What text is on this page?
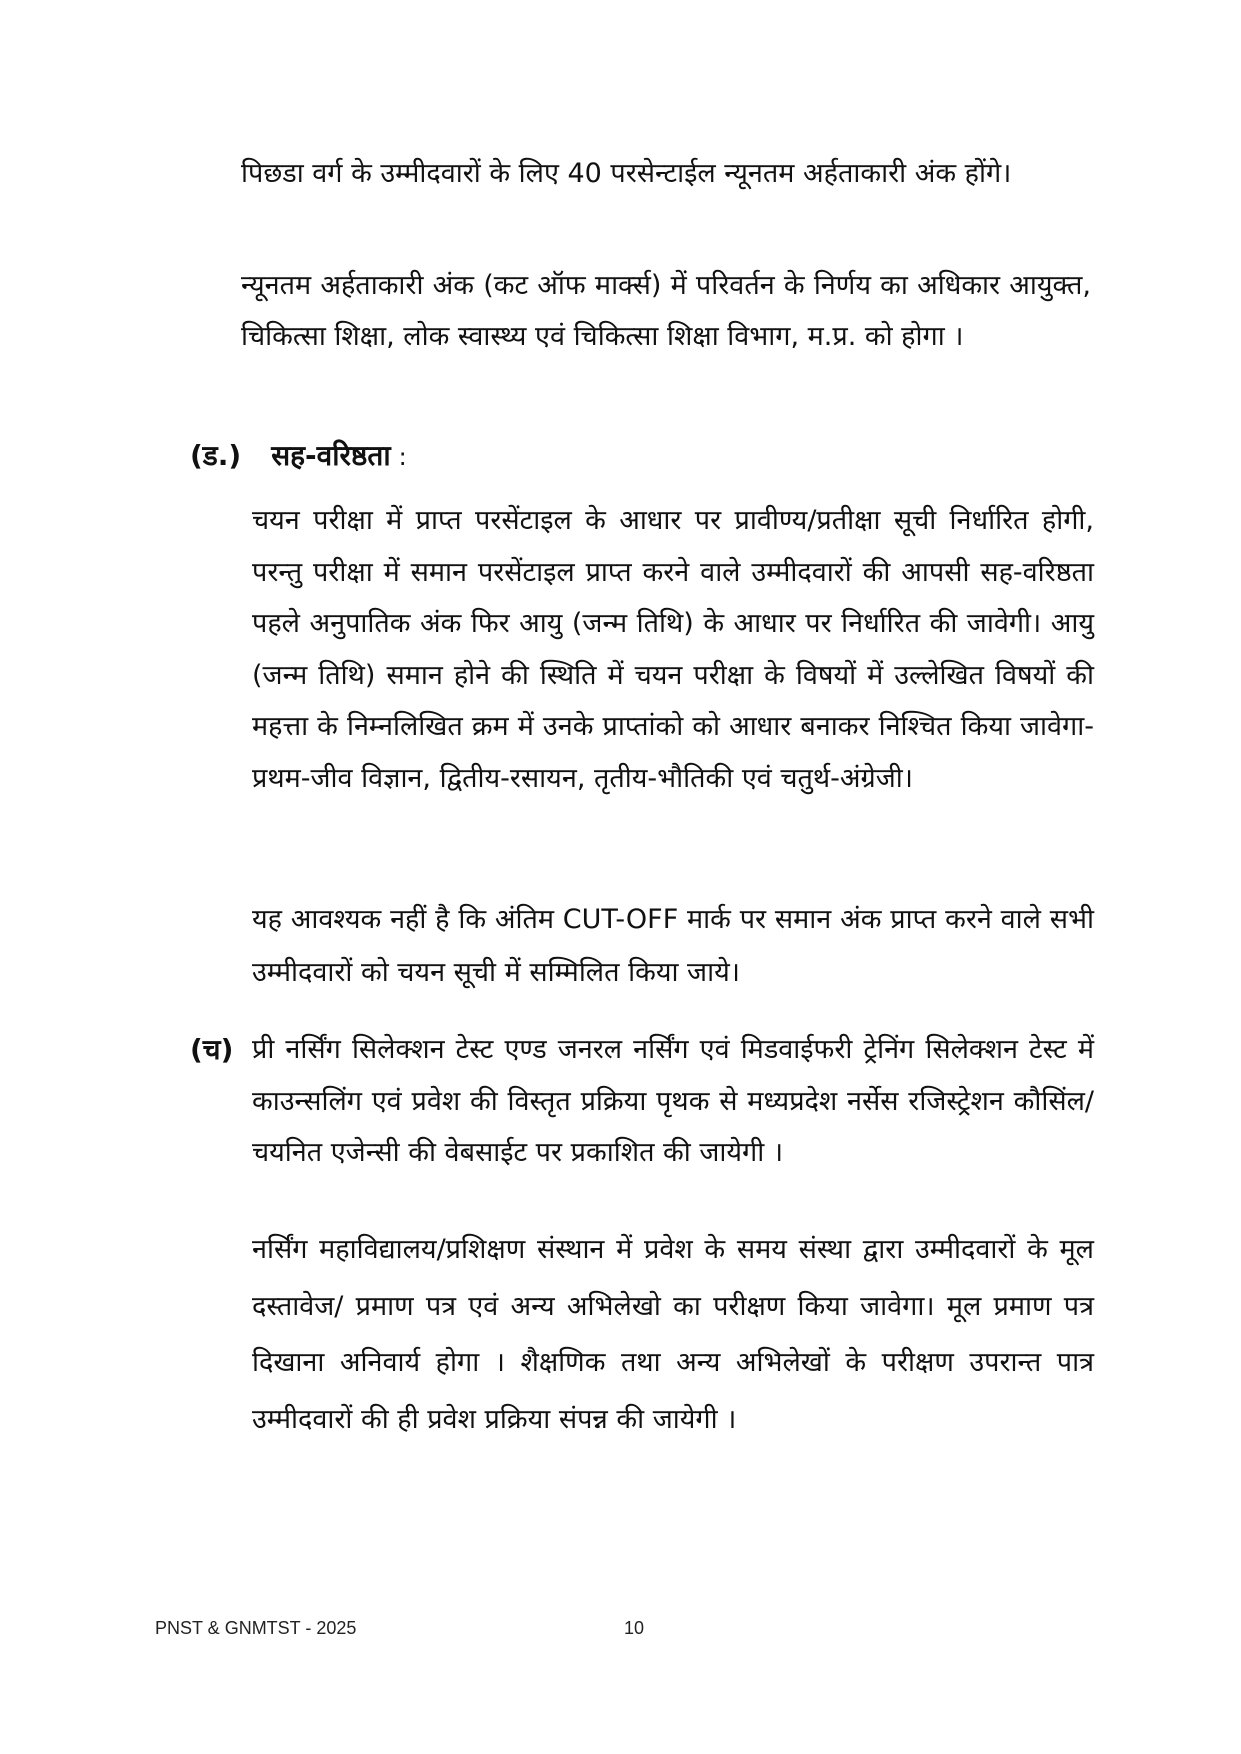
पिछडा वर्ग के उम्मीदवारों के लिए 40 परसेन्टाईल न्यूनतम अर्हताकारी अंक होंगे।

न्यूनतम अर्हताकारी अंक (कट ऑफ मार्क्स) में परिवर्तन के निर्णय का अधिकार आयुक्त, चिकित्सा शिक्षा, लोक स्वास्थ्य एवं चिकित्सा शिक्षा विभाग, म.प्र. को होगा ।

(ड.) सह-वरिष्ठता :

चयन परीक्षा में प्राप्त परसेंटाइल के आधार पर प्रावीण्य/प्रतीक्षा सूची निर्धारित होगी, परन्तु परीक्षा में समान परसेंटाइल प्राप्त करने वाले उम्मीदवारों की आपसी सह-वरिष्ठता पहले अनुपातिक अंक फिर आयु (जन्म तिथि) के आधार पर निर्धारित की जावेगी। आयु (जन्म तिथि) समान होने की स्थिति में चयन परीक्षा के विषयों में उल्लेखित विषयों की महत्ता के निम्नलिखित क्रम में उनके प्राप्तांको को आधार बनाकर निश्चित किया जावेगा- प्रथम-जीव विज्ञान, द्वितीय-रसायन, तृतीय-भौतिकी एवं चतुर्थ-अंग्रेजी।

यह आवश्यक नहीं है कि अंतिम CUT-OFF मार्क पर समान अंक प्राप्त करने वाले सभी उम्मीदवारों को चयन सूची में सम्मिलित किया जाये।

(च) प्री नर्सिंग सिलेक्शन टेस्ट एण्ड जनरल नर्सिंग एवं मिडवाईफरी ट्रेनिंग सिलेक्शन टेस्ट में काउन्सलिंग एवं प्रवेश की विस्तृत प्रक्रिया पृथक से मध्यप्रदेश नर्सेस रजिस्ट्रेशन कौसिंल/ चयनित एजेन्सी की वेबसाईट पर प्रकाशित की जायेगी ।

नर्सिंग महाविद्यालय/प्रशिक्षण संस्थान में प्रवेश के समय संस्था द्वारा उम्मीदवारों के मूल दस्तावेज/ प्रमाण पत्र एवं अन्य अभिलेखो का परीक्षण किया जावेगा। मूल प्रमाण पत्र दिखाना अनिवार्य होगा । शैक्षणिक तथा अन्य अभिलेखों के परीक्षण उपरान्त पात्र उम्मीदवारों की ही प्रवेश प्रक्रिया संपन्न की जायेगी ।

PNST & GNMTST - 2025	10
